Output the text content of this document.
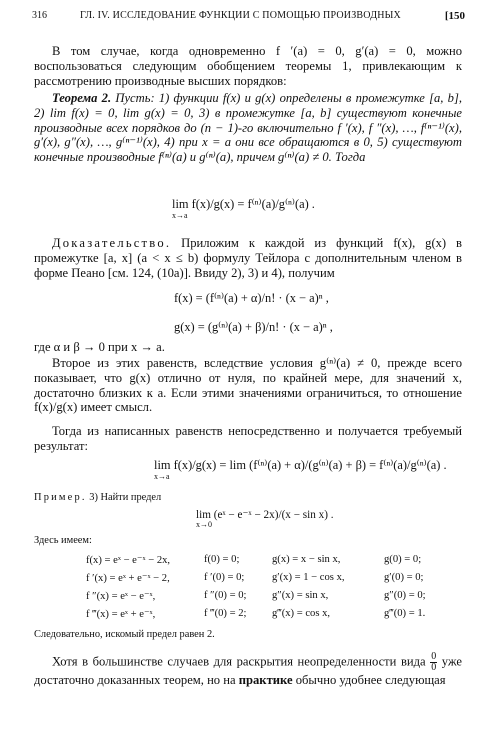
316	ГЛ. IV. ИССЛЕДОВАНИЕ ФУНКЦИИ С ПОМОЩЬЮ ПРОИЗВОДНЫХ	[150
В том случае, когда одновременно f ′(a) = 0, g′(a) = 0, можно воспользоваться следующим обобщением теоремы 1, привлекающим к рассмотрению производные высших порядков:
Теорема 2. Пусть: 1) функции f(x) и g(x) определены в промежутке [a, b], 2) lim f(x) = 0, lim g(x) = 0, 3) в промежутке [a, b] существуют конечные производные всех порядков до (n − 1)-го включительно f ′(x), f ″(x), …, f⁽ⁿ⁻¹⁾(x), g′(x), g″(x), …, g⁽ⁿ⁻¹⁾(x), 4) при x = a они все обращаются в 0, 5) существуют конечные производные f⁽ⁿ⁾(a) и g⁽ⁿ⁾(a), причем g⁽ⁿ⁾(a) ≠ 0. Тогда
lim f(x)/g(x) = f⁽ⁿ⁾(a)/g⁽ⁿ⁾(a) .
x→a
Доказательство. Приложим к каждой из функций f(x), g(x) в промежутке [a, x] (a < x ≤ b) формулу Тейлора с дополнительным членом в форме Пеано [см. 124, (10a)]. Ввиду 2), 3) и 4), получим
f(x) = (f⁽ⁿ⁾(a) + α)/n! · (x − a)ⁿ ,
g(x) = (g⁽ⁿ⁾(a) + β)/n! · (x − a)ⁿ ,
где α и β → 0 при x → a.
Второе из этих равенств, вследствие условия g⁽ⁿ⁾(a) ≠ 0, прежде всего показывает, что g(x) отлично от нуля, по крайней мере, для значений x, достаточно близких к a. Если этими значениями ограничиться, то отношение f(x)/g(x) имеет смысл.
Тогда из написанных равенств непосредственно и получается требуемый результат:
lim f(x)/g(x) = lim (f⁽ⁿ⁾(a) + α)/(g⁽ⁿ⁾(a) + β) = f⁽ⁿ⁾(a)/g⁽ⁿ⁾(a) .
x→a
Пример. 3) Найти предел
lim (eˣ − e⁻ˣ − 2x)/(x − sin x) .
x→0
Здесь имеем:
f(x) = eˣ − e⁻ˣ − 2x,	f(0) = 0;	g(x) = x − sin x,	g(0) = 0;
f ′(x) = eˣ + e⁻ˣ − 2,	f ′(0) = 0;	g′(x) = 1 − cos x,	g′(0) = 0;
f ″(x) = eˣ − e⁻ˣ,	f ″(0) = 0; g″(x) = sin x,	g″(0) = 0;
f ‴(x) = eˣ + e⁻ˣ,	f ‴(0) = 2; g‴(x) = cos x,	g‴(0) = 1.
Следовательно, искомый предел равен 2.
Хотя в большинстве случаев для раскрытия неопределенности вида $\frac{0}{0}$ уже достаточно доказанных теорем, но на практике обычно удобнее следующая
